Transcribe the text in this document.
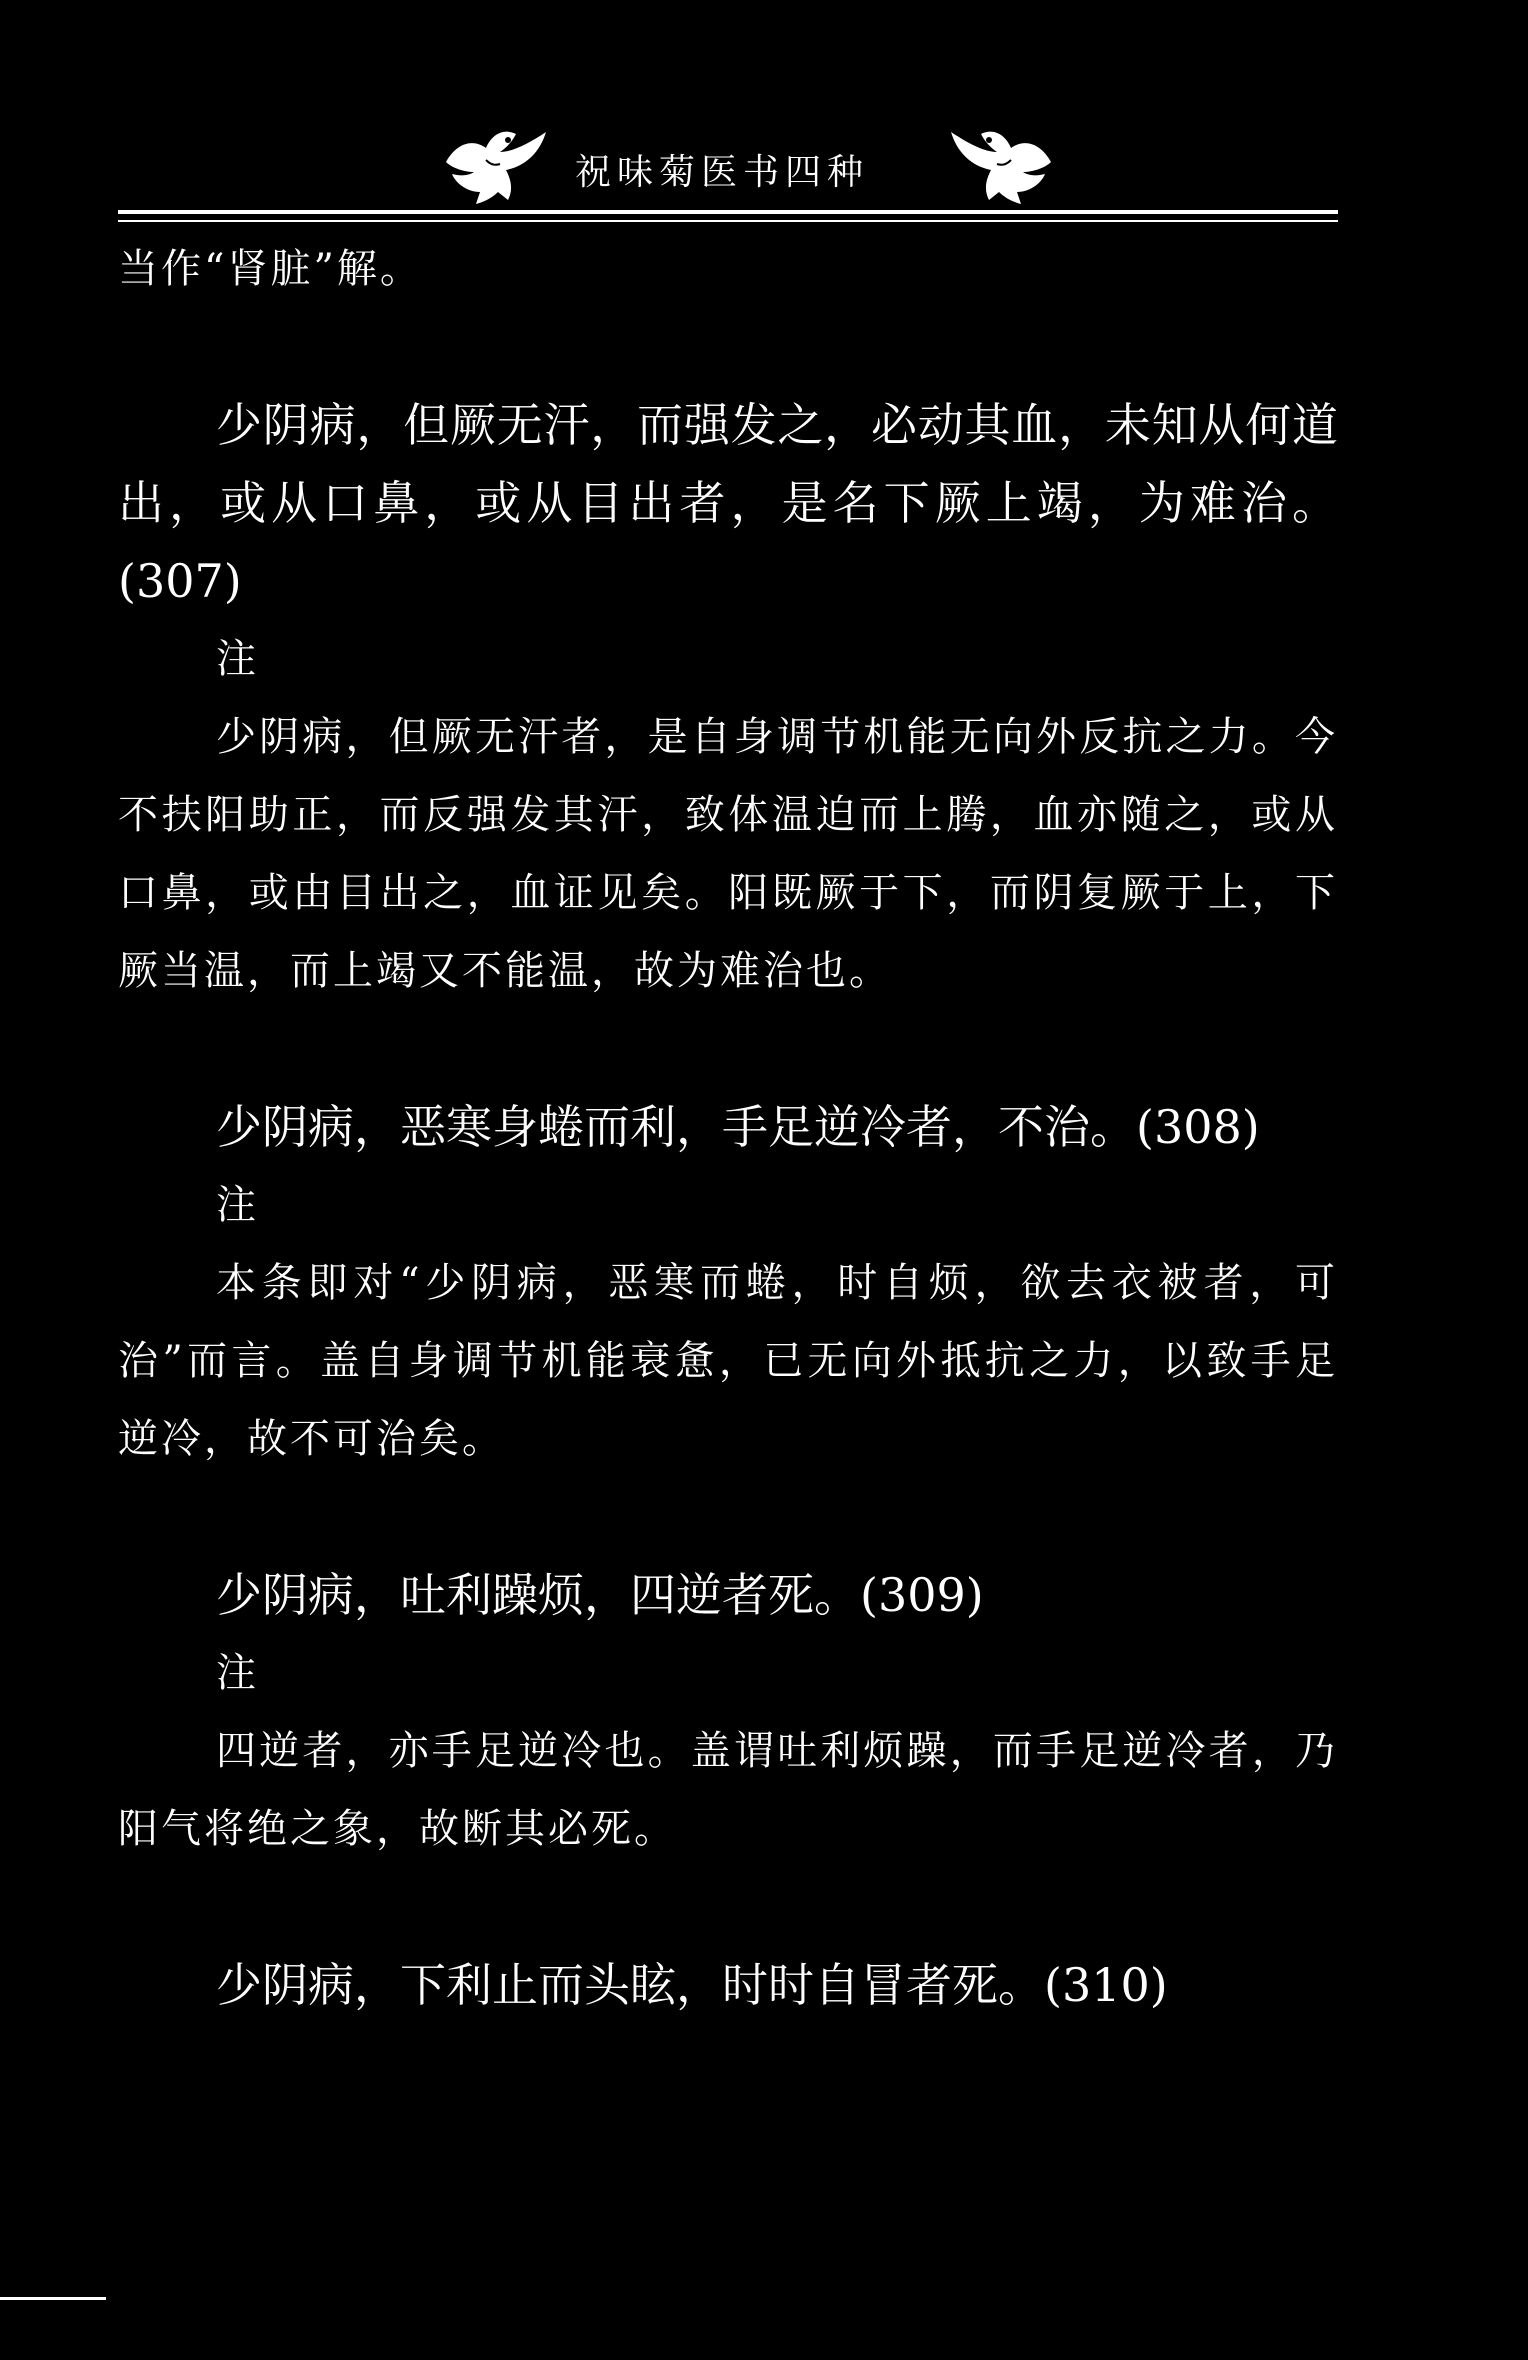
祝味菊医书四种

当作“肾脏”解。

少阴病，但厥无汗，而强发之，必动其血，未知从何道出，或从口鼻，或从目出者，是名下厥上竭，为难治。(307)

注

少阴病，但厥无汗者，是自身调节机能无向外反抗之力。今不扶阳助正，而反强发其汗，致体温迫而上腾，血亦随之，或从口鼻，或由目出之，血证见矣。阳既厥于下，而阴复厥于上，下厥当温，而上竭又不能温，故为难治也。

少阴病，恶寒身蜷而利，手足逆冷者，不治。(308)

注

本条即对“少阴病，恶寒而蜷，时自烦，欲去衣被者，可治”而言。盖自身调节机能衰惫，已无向外抵抗之力，以致手足逆冷，故不可治矣。

少阴病，吐利躁烦，四逆者死。(309)

注

四逆者，亦手足逆冷也。盖谓吐利烦躁，而手足逆冷者，乃阳气将绝之象，故断其必死。

少阴病，下利止而头眩，时时自冒者死。(310)
